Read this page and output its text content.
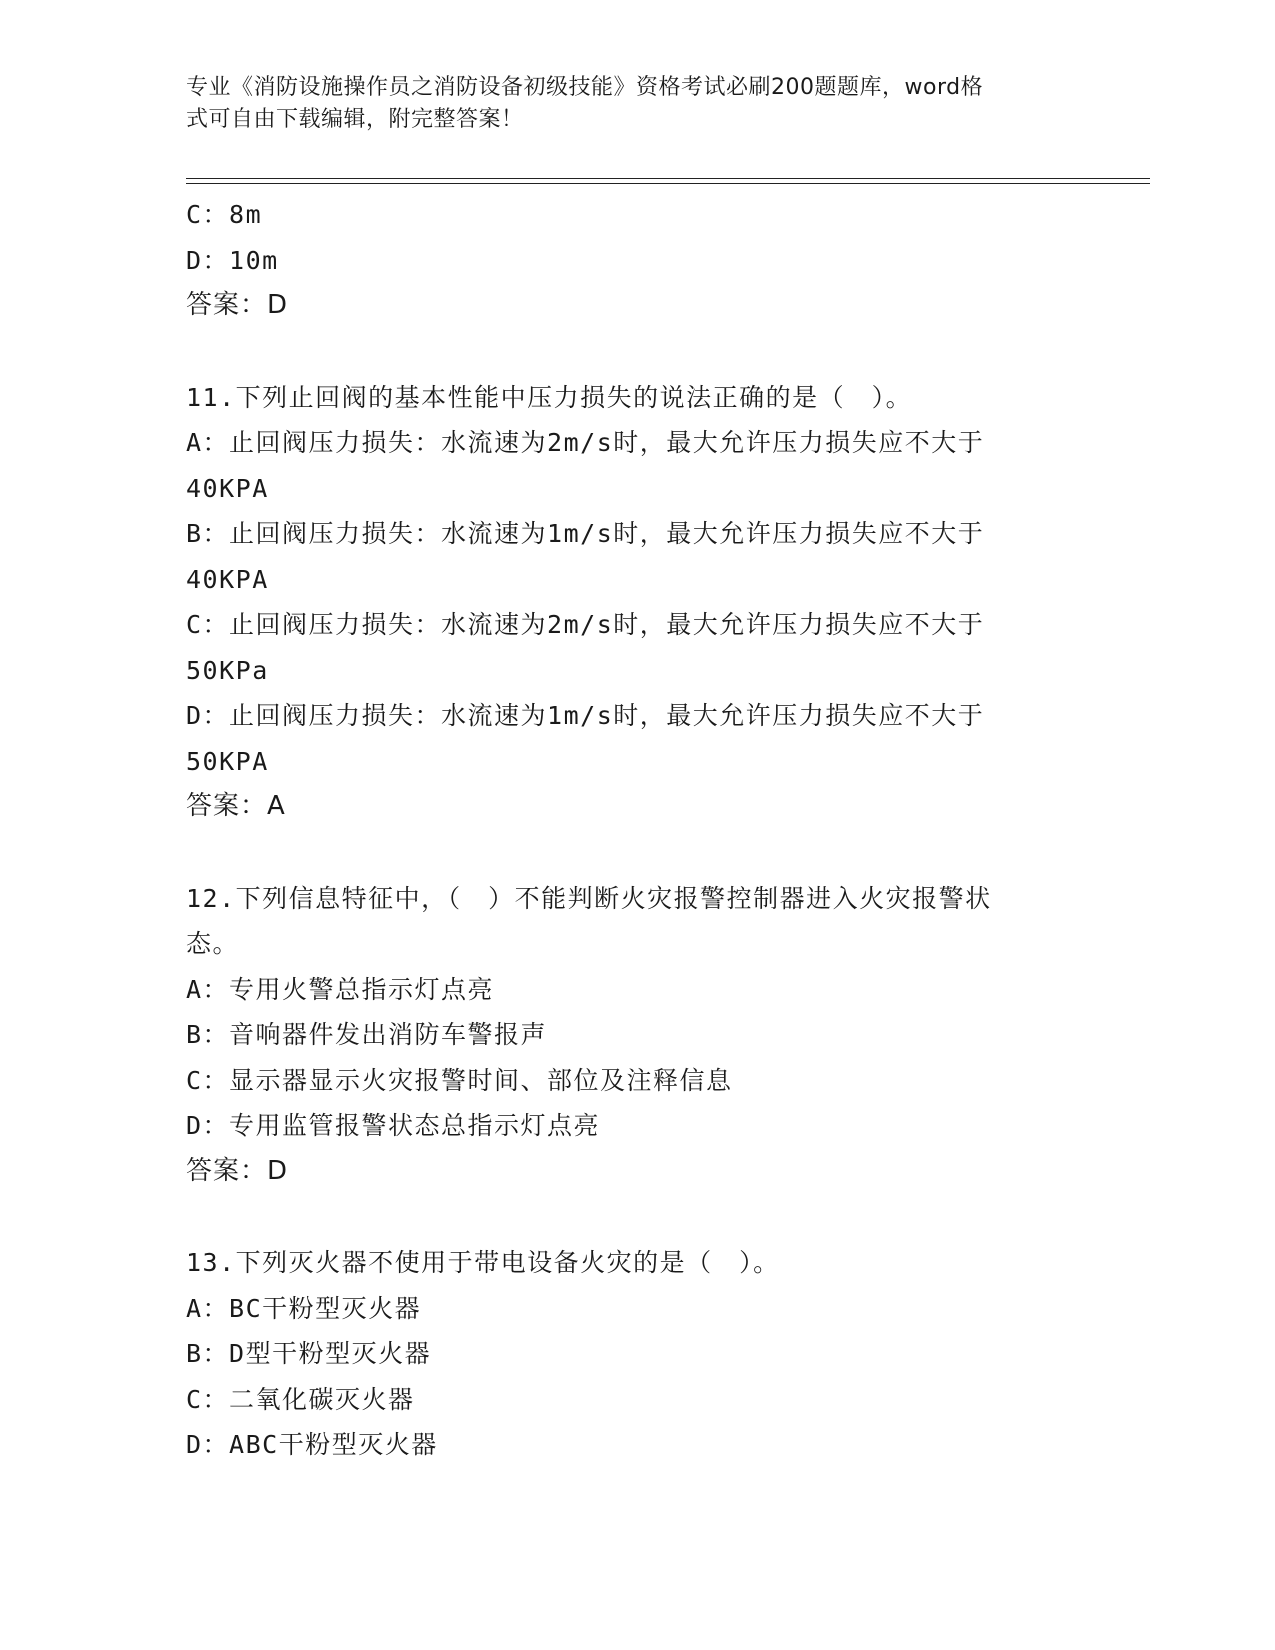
专业《消防设施操作员之消防设备初级技能》资格考试必刷200题题库，word格
式可自由下载编辑，附完整答案！
C：8m
D：10m
答案：D
11.下列止回阀的基本性能中压力损失的说法正确的是（　）。
A：止回阀压力损失：水流速为2m/s时，最大允许压力损失应不大于
40KPA
B：止回阀压力损失：水流速为1m/s时，最大允许压力损失应不大于
40KPA
C：止回阀压力损失：水流速为2m/s时，最大允许压力损失应不大于
50KPa
D：止回阀压力损失：水流速为1m/s时，最大允许压力损失应不大于
50KPA
答案：A
12.下列信息特征中，（　）不能判断火灾报警控制器进入火灾报警状
态。
A：专用火警总指示灯点亮
B：音响器件发出消防车警报声
C：显示器显示火灾报警时间、部位及注释信息
D：专用监管报警状态总指示灯点亮
答案：D
13.下列灭火器不使用于带电设备火灾的是（　）。
A：BC干粉型灭火器
B：D型干粉型灭火器
C：二氧化碳灭火器
D：ABC干粉型灭火器
